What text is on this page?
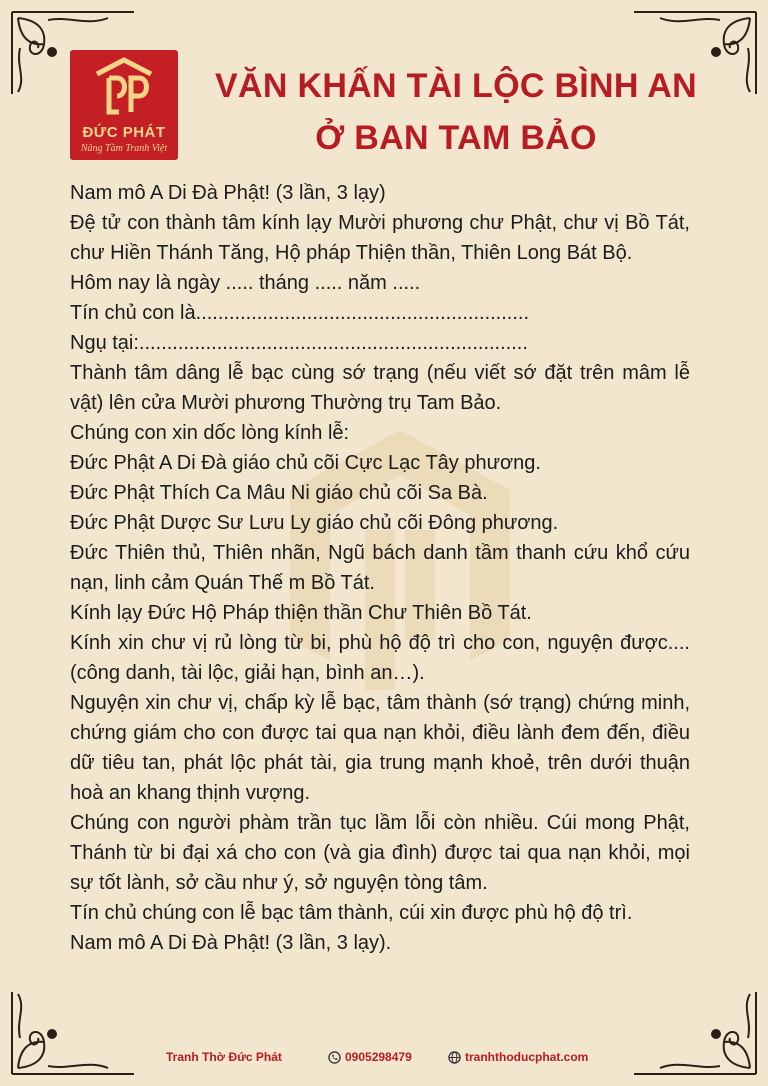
ĐỨC PHÁT
Nâng Tầm Tranh Việt
VĂN KHẤN TÀI LỘC BÌNH AN
Ở BAN TAM BẢO

Nam mô A Di Đà Phật! (3 lần, 3 lạy)

Đệ tử con thành tâm kính lạy Mười phương chư Phật, chư vị Bồ Tát, chư Hiền Thánh Tăng, Hộ pháp Thiện thần, Thiên Long Bát Bộ.

Hôm nay là ngày ..... tháng ..... năm .....

Tín chủ con là............................................................

Ngụ tại:......................................................................

Thành tâm dâng lễ bạc cùng sớ trạng (nếu viết sớ đặt trên mâm lễ vật) lên cửa Mười phương Thường trụ Tam Bảo.

Chúng con xin dốc lòng kính lễ:

Đức Phật A Di Đà giáo chủ cõi Cực Lạc Tây phương.

Đức Phật Thích Ca Mâu Ni giáo chủ cõi Sa Bà.

Đức Phật Dược Sư Lưu Ly giáo chủ cõi Đông phương.

Đức Thiên thủ, Thiên nhãn, Ngũ bách danh tầm thanh cứu khổ cứu nạn, linh cảm Quán Thế m Bồ Tát.

Kính lạy Đức Hộ Pháp thiện thần Chư Thiên Bồ Tát.

Kính xin chư vị rủ lòng từ bi, phù hộ độ trì cho con, nguyện được....(công danh, tài lộc, giải hạn, bình an…).

Nguyện xin chư vị, chấp kỳ lễ bạc, tâm thành (sớ trạng) chứng minh, chứng giám cho con được tai qua nạn khỏi, điều lành đem đến, điều dữ tiêu tan, phát lộc phát tài, gia trung mạnh khoẻ, trên dưới thuận hoà an khang thịnh vượng.

Chúng con người phàm trần tục lầm lỗi còn nhiều. Cúi mong Phật, Thánh từ bi đại xá cho con (và gia đình) được tai qua nạn khỏi, mọi sự tốt lành, sở cầu như ý, sở nguyện tòng tâm.

Tín chủ chúng con lễ bạc tâm thành, cúi xin được phù hộ độ trì.

Nam mô A Di Đà Phật! (3 lần, 3 lạy).

Tranh Thờ Đức Phát	0905298479	tranhthoducphat.com
